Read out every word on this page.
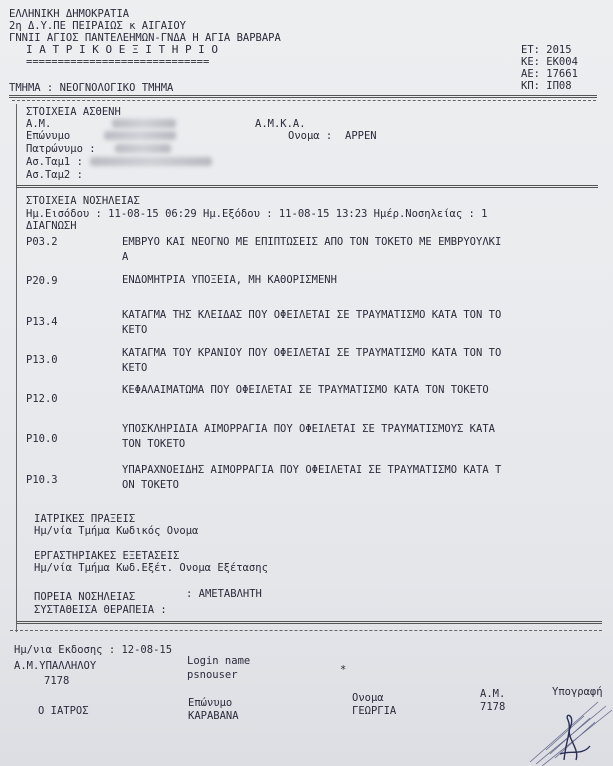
ΕΛΛΗΝΙΚΗ ΔΗΜΟΚΡΑΤΙΑ
2η Δ.Υ.ΠΕ ΠΕΙΡΑΙΩΣ κ ΑΙΓΑΙΟΥ
ΓΝΝΙΙ ΑΓΙΟΣ ΠΑΝΤΕΛΕΗΜΩΝ-ΓΝΔΑ Η ΑΓΙΑ ΒΑΡΒΑΡΑ
Ι Α Τ Ρ Ι Κ Ο Ε Ξ Ι Τ Η Ρ Ι Ο
=============================
ΕΤ: 2015
ΚΕ: ΕΚ004
ΑΕ: 17661
ΚΠ: ΙΠ08
ΤΜΗΜΑ : ΝΕΟΓΝΟΛΟΓΙΚΟ ΤΜΗΜΑ
ΣΤΟΙΧΕΙΑ ΑΣΘΕΝΗ
Α.Μ.	Α.Μ.Κ.Α.
Επώνυμο	Ονομα : APPEN
Πατρώνυμο :
Ασ.Ταμ1 :
Ασ.Ταμ2 :
ΣΤΟΙΧΕΙΑ ΝΟΣΗΛΕΙΑΣ
Ημ.Εισόδου : 11-08-15 06:29 Ημ.Εξόδου : 11-08-15 13:23 Ημέρ.Νοσηλείας : 1
ΔΙΑΓΝΩΣΗ
P03.2	ΕΜΒΡΥΟ ΚΑΙ ΝΕΟΓΝΟ ΜΕ ΕΠΙΠΤΩΣΕΙΣ ΑΠΟ ΤΟΝ ΤΟΚΕΤΟ ΜΕ ΕΜΒΡΥΟΥΛΚΙ
Α
P20.9	ΕΝΔΟΜΗΤΡΙΑ ΥΠΟΞΕΙΑ, ΜΗ ΚΑΘΟΡΙΣΜΕΝΗ
P13.4
ΚΑΤΑΓΜΑ ΤΗΣ ΚΛΕΙΔΑΣ ΠΟΥ ΟΦΕΙΛΕΤΑΙ ΣΕ ΤΡΑΥΜΑΤΙΣΜΟ ΚΑΤΑ ΤΟΝ ΤΟ
ΚΕΤΟ
P13.0
ΚΑΤΑΓΜΑ ΤΟΥ ΚΡΑΝΙΟΥ ΠΟΥ ΟΦΕΙΛΕΤΑΙ ΣΕ ΤΡΑΥΜΑΤΙΣΜΟ ΚΑΤΑ ΤΟΝ ΤΟ
ΚΕΤΟ
P12.0
ΚΕΦΑΛΑΙΜΑΤΩΜΑ ΠΟΥ ΟΦΕΙΛΕΤΑΙ ΣΕ ΤΡΑΥΜΑΤΙΣΜΟ ΚΑΤΑ ΤΟΝ ΤΟΚΕΤΟ
P10.0
ΥΠΟΣΚΛΗΡΙΔΙΑ ΑΙΜΟΡΡΑΓΙΑ ΠΟΥ ΟΦΕΙΛΕΤΑΙ ΣΕ ΤΡΑΥΜΑΤΙΣΜΟΥΣ ΚΑΤΑ
ΤΟΝ ΤΟΚΕΤΟ
P10.3
ΥΠΑΡΑΧΝΟΕΙΔΗΣ ΑΙΜΟΡΡΑΓΙΑ ΠΟΥ ΟΦΕΙΛΕΤΑΙ ΣΕ ΤΡΑΥΜΑΤΙΣΜΟ ΚΑΤΑ Τ
ΟΝ ΤΟΚΕΤΟ
ΙΑΤΡΙΚΕΣ ΠΡΑΞΕΙΣ
Ημ/νία Τμήμα Κωδικός Ονομα
ΕΡΓΑΣΤΗΡΙΑΚΕΣ ΕΞΕΤΑΣΕΙΣ
Ημ/νία Τμήμα Κωδ.Εξέτ. Ονομα Εξέτασης
ΠΟΡΕΙΑ ΝΟΣΗΛΕΙΑΣ	: ΑΜΕΤΑΒΛΗΤΗ
ΣΥΣΤΑΘΕΙΣΑ ΘΕΡΑΠΕΙΑ :
Ημ/νια Εκδοσης : 12-08-15
Α.Μ.ΥΠΑΛΛΗΛΟΥ
7178
Login name
psnouser	*
Ο ΙΑΤΡΟΣ
Επώνυμο
ΚΑΡΑΒΑΝΑ
Ονομα
ΓΕΩΡΓΙΑ
Α.Μ.
7178
Υπογραφή
